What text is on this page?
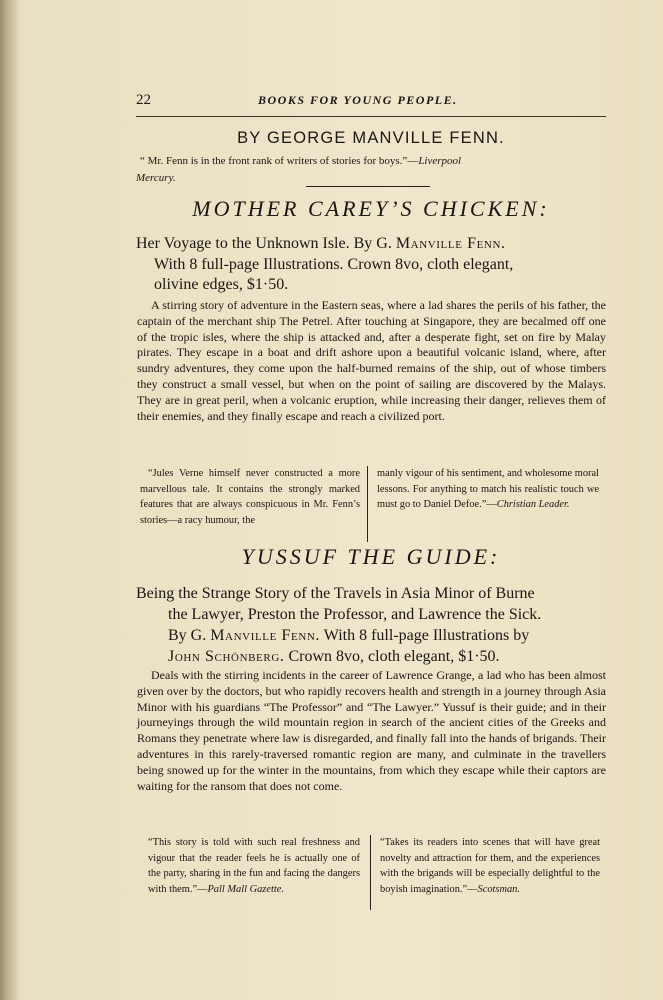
22	BOOKS FOR YOUNG PEOPLE.
BY GEORGE MANVILLE FENN.
“ Mr. Fenn is in the front rank of writers of stories for boys.”—Liverpool
Mercury.
MOTHER CAREY’S CHICKEN:
Her Voyage to the Unknown Isle. By G. Manville Fenn.
With 8 full-page Illustrations. Crown 8vo, cloth elegant,
olivine edges, $1·50.
A stirring story of adventure in the Eastern seas, where a lad shares the perils of his father, the captain of the merchant ship The Petrel. After touching at Singapore, they are becalmed off one of the tropic isles, where the ship is attacked and, after a desperate fight, set on fire by Malay pirates. They escape in a boat and drift ashore upon a beautiful volcanic island, where, after sundry adventures, they come upon the half-burned remains of the ship, out of whose timbers they construct a small vessel, but when on the point of sailing are discovered by the Malays. They are in great peril, when a volcanic eruption, while increasing their danger, relieves them of their enemies, and they finally escape and reach a civilized port.
“Jules Verne himself never constructed a more marvellous tale. It contains the strongly marked features that are always conspicuous in Mr. Fenn’s stories—a racy humour, the
manly vigour of his sentiment, and wholesome moral lessons. For anything to match his realistic touch we must go to Daniel Defoe.”—Christian Leader.
YUSSUF THE GUIDE:
Being the Strange Story of the Travels in Asia Minor of Burne
the Lawyer, Preston the Professor, and Lawrence the Sick.
By G. Manville Fenn. With 8 full-page Illustrations by
John Schönberg. Crown 8vo, cloth elegant, $1·50.
Deals with the stirring incidents in the career of Lawrence Grange, a lad who has been almost given over by the doctors, but who rapidly recovers health and strength in a journey through Asia Minor with his guardians “The Professor” and “The Lawyer.” Yussuf is their guide; and in their journeyings through the wild mountain region in search of the ancient cities of the Greeks and Romans they penetrate where law is disregarded, and finally fall into the hands of brigands. Their adventures in this rarely-traversed romantic region are many, and culminate in the travellers being snowed up for the winter in the mountains, from which they escape while their captors are waiting for the ransom that does not come.
“This story is told with such real freshness and vigour that the reader feels he is actually one of the party, sharing in the fun and facing the dangers with them.”—Pall Mall Gazette.
“Takes its readers into scenes that will have great novelty and attraction for them, and the experiences with the brigands will be especially delightful to the boyish imagination.”—Scotsman.
